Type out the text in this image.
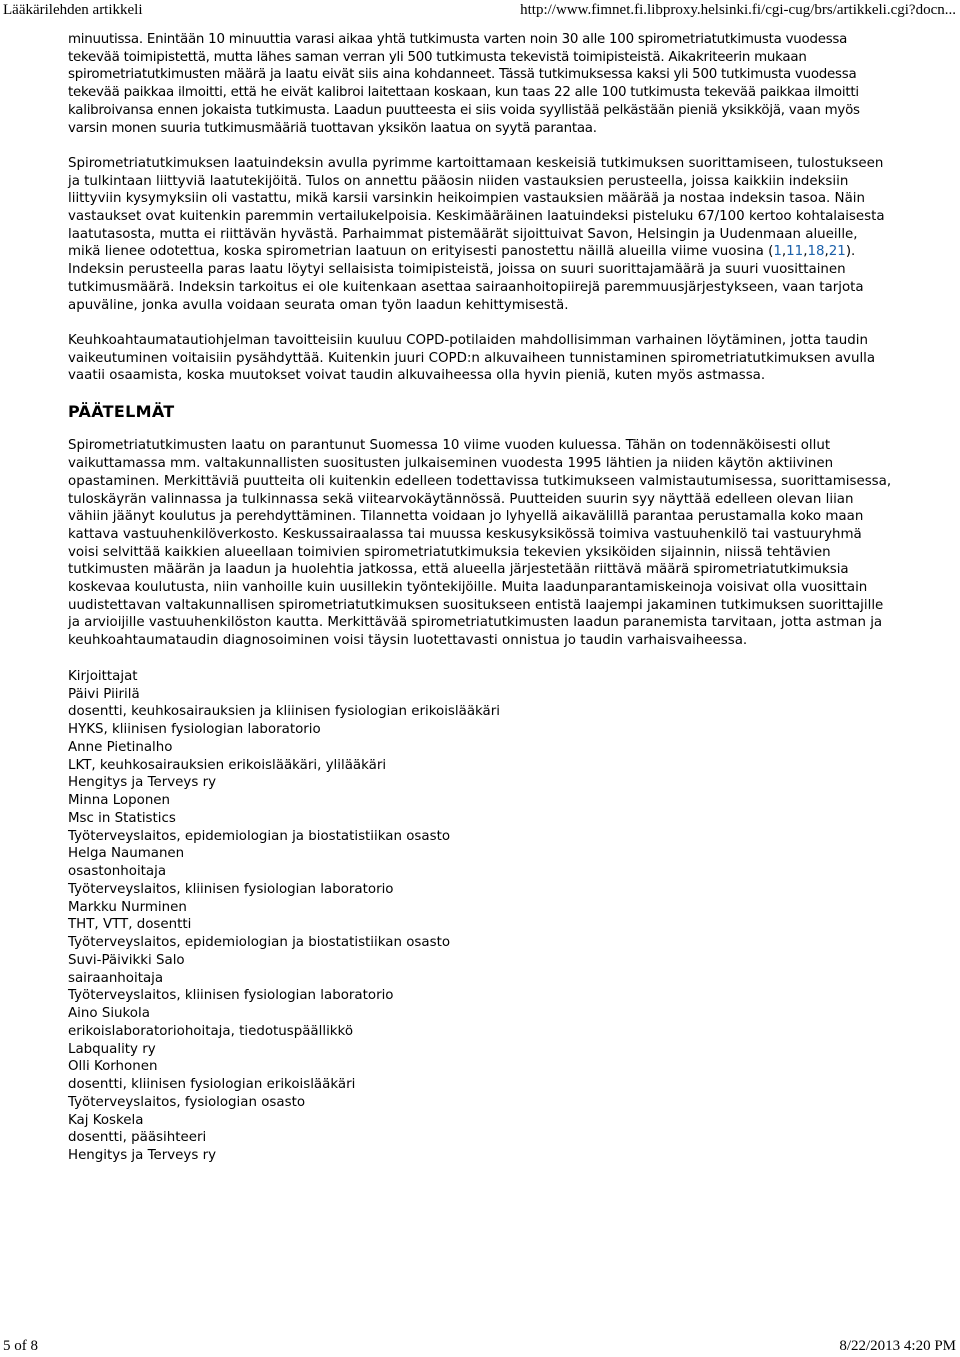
Lääkärilehden artikkeli	http://www.fimnet.fi.libproxy.helsinki.fi/cgi-cug/brs/artikkeli.cgi?docn...

minuutissa. Enintään 10 minuuttia varasi aikaa yhtä tutkimusta varten noin 30 alle 100 spirometriatutkimusta vuodessa tekevää toimipistettä, mutta lähes saman verran yli 500 tutkimusta tekevistä toimipisteistä. Aikakriteerin mukaan spirometriatutkimusten määrä ja laatu eivät siis aina kohdanneet. Tässä tutkimuksessa kaksi yli 500 tutkimusta vuodessa tekevää paikkaa ilmoitti, että he eivät kalibroi laitettaan koskaan, kun taas 22 alle 100 tutkimusta tekevää paikkaa ilmoitti kalibroivansa ennen jokaista tutkimusta. Laadun puutteesta ei siis voida syyllistää pelkästään pieniä yksikköjä, vaan myös varsin monen suuria tutkimusmääriä tuottavan yksikön laatua on syytä parantaa.

Spirometriatutkimuksen laatuindeksin avulla pyrimme kartoittamaan keskeisiä tutkimuksen suorittamiseen, tulostukseen ja tulkintaan liittyviä laatutekijöitä. Tulos on annettu pääosin niiden vastauksien perusteella, joissa kaikkiin indeksiin liittyviin kysymyksiin oli vastattu, mikä karsii varsinkin heikoimpien vastauksien määrää ja nostaa indeksin tasoa. Näin vastaukset ovat kuitenkin paremmin vertailukelpoisia. Keskimääräinen laatuindeksi pisteluku 67/100 kertoo kohtalaisesta laatutasosta, mutta ei riittävän hyvästä. Parhaimmat pistemäärät sijoittuivat Savon, Helsingin ja Uudenmaan alueille, mikä lienee odotettua, koska spirometrian laatuun on erityisesti panostettu näillä alueilla viime vuosina (1,11,18,21). Indeksin perusteella paras laatu löytyi sellaisista toimipisteistä, joissa on suuri suorittajamäärä ja suuri vuosittainen tutkimusmäärä. Indeksin tarkoitus ei ole kuitenkaan asettaa sairaanhoitopiirejä paremmuusjärjestykseen, vaan tarjota apuväline, jonka avulla voidaan seurata oman työn laadun kehittymisestä.

Keuhkoahtaumatautiohjelman tavoitteisiin kuuluu COPD-potilaiden mahdollisimman varhainen löytäminen, jotta taudin vaikeutuminen voitaisiin pysähdyttää. Kuitenkin juuri COPD:n alkuvaiheen tunnistaminen spirometriatutkimuksen avulla vaatii osaamista, koska muutokset voivat taudin alkuvaiheessa olla hyvin pieniä, kuten myös astmassa.

PÄÄTELMÄT

Spirometriatutkimusten laatu on parantunut Suomessa 10 viime vuoden kuluessa. Tähän on todennäköisesti ollut vaikuttamassa mm. valtakunnallisten suositusten julkaiseminen vuodesta 1995 lähtien ja niiden käytön aktiivinen opastaminen. Merkittäviä puutteita oli kuitenkin edelleen todettavissa tutkimukseen valmistautumisessa, suorittamisessa, tuloskäyrän valinnassa ja tulkinnassa sekä viitearvokäytännössä. Puutteiden suurin syy näyttää edelleen olevan liian vähiin jäänyt koulutus ja perehdyttäminen. Tilannetta voidaan jo lyhyellä aikavälillä parantaa perustamalla koko maan kattava vastuuhenkilöverkosto. Keskussairaalassa tai muussa keskusyksikössä toimiva vastuuhenkilö tai vastuuryhmä voisi selvittää kaikkien alueellaan toimivien spirometriatutkimuksia tekevien yksiköiden sijainnin, niissä tehtävien tutkimusten määrän ja laadun ja huolehtia jatkossa, että alueella järjestetään riittävä määrä spirometriatutkimuksia koskevaa koulutusta, niin vanhoille kuin uusillekin työntekijöille. Muita laadunparantamiskeinoja voisivat olla vuosittain uudistettavan valtakunnallisen spirometriatutkimuksen suositukseen entistä laajempi jakaminen tutkimuksen suorittajille ja arvioijille vastuuhenkilöston kautta. Merkittävää spirometriatutkimusten laadun paranemista tarvitaan, jotta astman ja keuhkoahtaumataudin diagnosoiminen voisi täysin luotettavasti onnistua jo taudin varhaisvaiheessa.

Kirjoittajat
Päivi Piirilä
dosentti, keuhkosairauksien ja kliinisen fysiologian erikoislääkäri
HYKS, kliinisen fysiologian laboratorio
Anne Pietinalho
LKT, keuhkosairauksien erikoislääkäri, ylilääkäri
Hengitys ja Terveys ry
Minna Loponen
Msc in Statistics
Työterveyslaitos, epidemiologian ja biostatistiikan osasto
Helga Naumanen
osastonhoitaja
Työterveyslaitos, kliinisen fysiologian laboratorio
Markku Nurminen
THT, VTT, dosentti
Työterveyslaitos, epidemiologian ja biostatistiikan osasto
Suvi-Päivikki Salo
sairaanhoitaja
Työterveyslaitos, kliinisen fysiologian laboratorio
Aino Siukola
erikoislaboratoriohoitaja, tiedotuspäällikkö
Labquality ry
Olli Korhonen
dosentti, kliinisen fysiologian erikoislääkäri
Työterveyslaitos, fysiologian osasto
Kaj Koskela
dosentti, pääsihteeri
Hengitys ja Terveys ry
5 of 8	8/22/2013 4:20 PM
